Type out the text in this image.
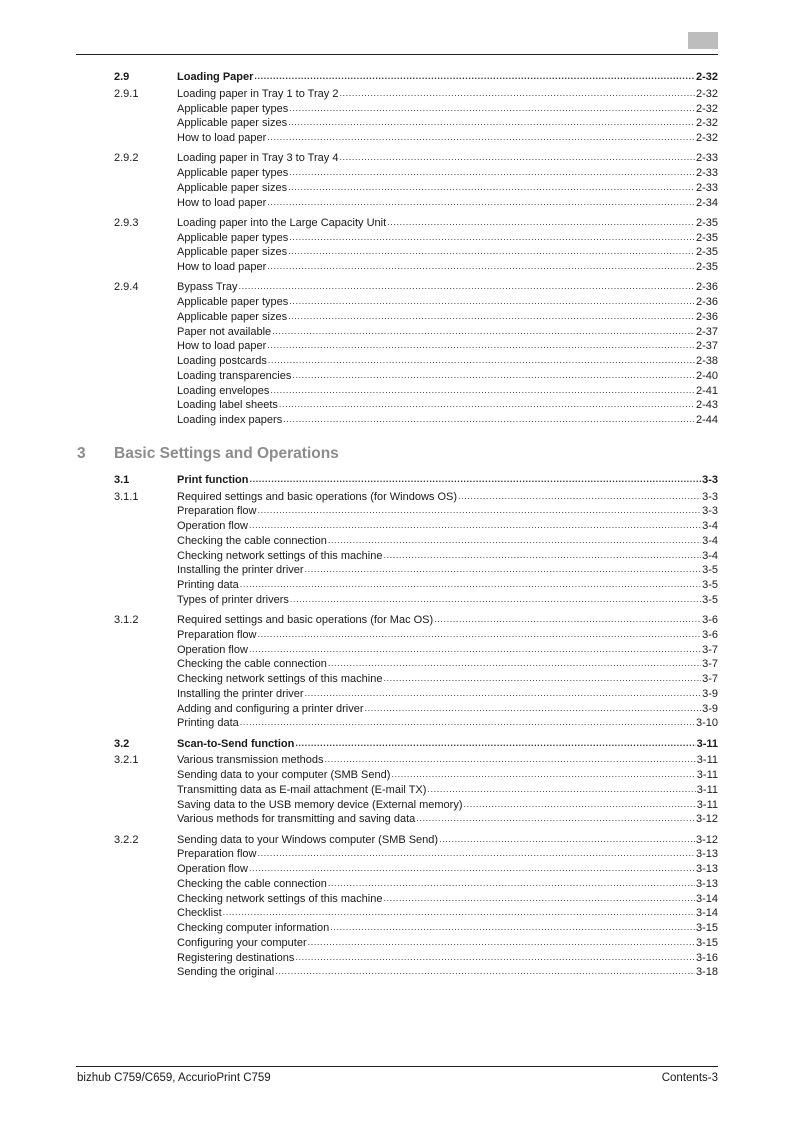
2.9	Loading Paper .....	2-32
2.9.1	Loading paper in Tray 1 to Tray 2 .....	2-32
Applicable paper types .....	2-32
Applicable paper sizes .....	2-32
How to load paper .....	2-32
2.9.2	Loading paper in Tray 3 to Tray 4 .....	2-33
Applicable paper types .....	2-33
Applicable paper sizes .....	2-33
How to load paper .....	2-34
2.9.3	Loading paper into the Large Capacity Unit .....	2-35
Applicable paper types .....	2-35
Applicable paper sizes .....	2-35
How to load paper .....	2-35
2.9.4	Bypass Tray .....	2-36
Applicable paper types .....	2-36
Applicable paper sizes .....	2-36
Paper not available .....	2-37
How to load paper .....	2-37
Loading postcards .....	2-38
Loading transparencies .....	2-40
Loading envelopes .....	2-41
Loading label sheets .....	2-43
Loading index papers .....	2-44
3 Basic Settings and Operations
3.1	Print function .....	3-3
3.1.1	Required settings and basic operations (for Windows OS) .....	3-3
Preparation flow .....	3-3
Operation flow .....	3-4
Checking the cable connection .....	3-4
Checking network settings of this machine .....	3-4
Installing the printer driver .....	3-5
Printing data .....	3-5
Types of printer drivers .....	3-5
3.1.2	Required settings and basic operations (for Mac OS) .....	3-6
Preparation flow .....	3-6
Operation flow .....	3-7
Checking the cable connection .....	3-7
Checking network settings of this machine .....	3-7
Installing the printer driver .....	3-9
Adding and configuring a printer driver .....	3-9
Printing data .....	3-10
3.2	Scan-to-Send function .....	3-11
3.2.1	Various transmission methods .....	3-11
Sending data to your computer (SMB Send) .....	3-11
Transmitting data as E-mail attachment (E-mail TX) .....	3-11
Saving data to the USB memory device (External memory) .....	3-11
Various methods for transmitting and saving data .....	3-12
3.2.2	Sending data to your Windows computer (SMB Send) .....	3-12
Preparation flow .....	3-13
Operation flow .....	3-13
Checking the cable connection .....	3-13
Checking network settings of this machine .....	3-14
Checklist .....	3-14
Checking computer information .....	3-15
Configuring your computer .....	3-15
Registering destinations .....	3-16
Sending the original .....	3-18
bizhub C759/C659, AccurioPrint C759	Contents-3
